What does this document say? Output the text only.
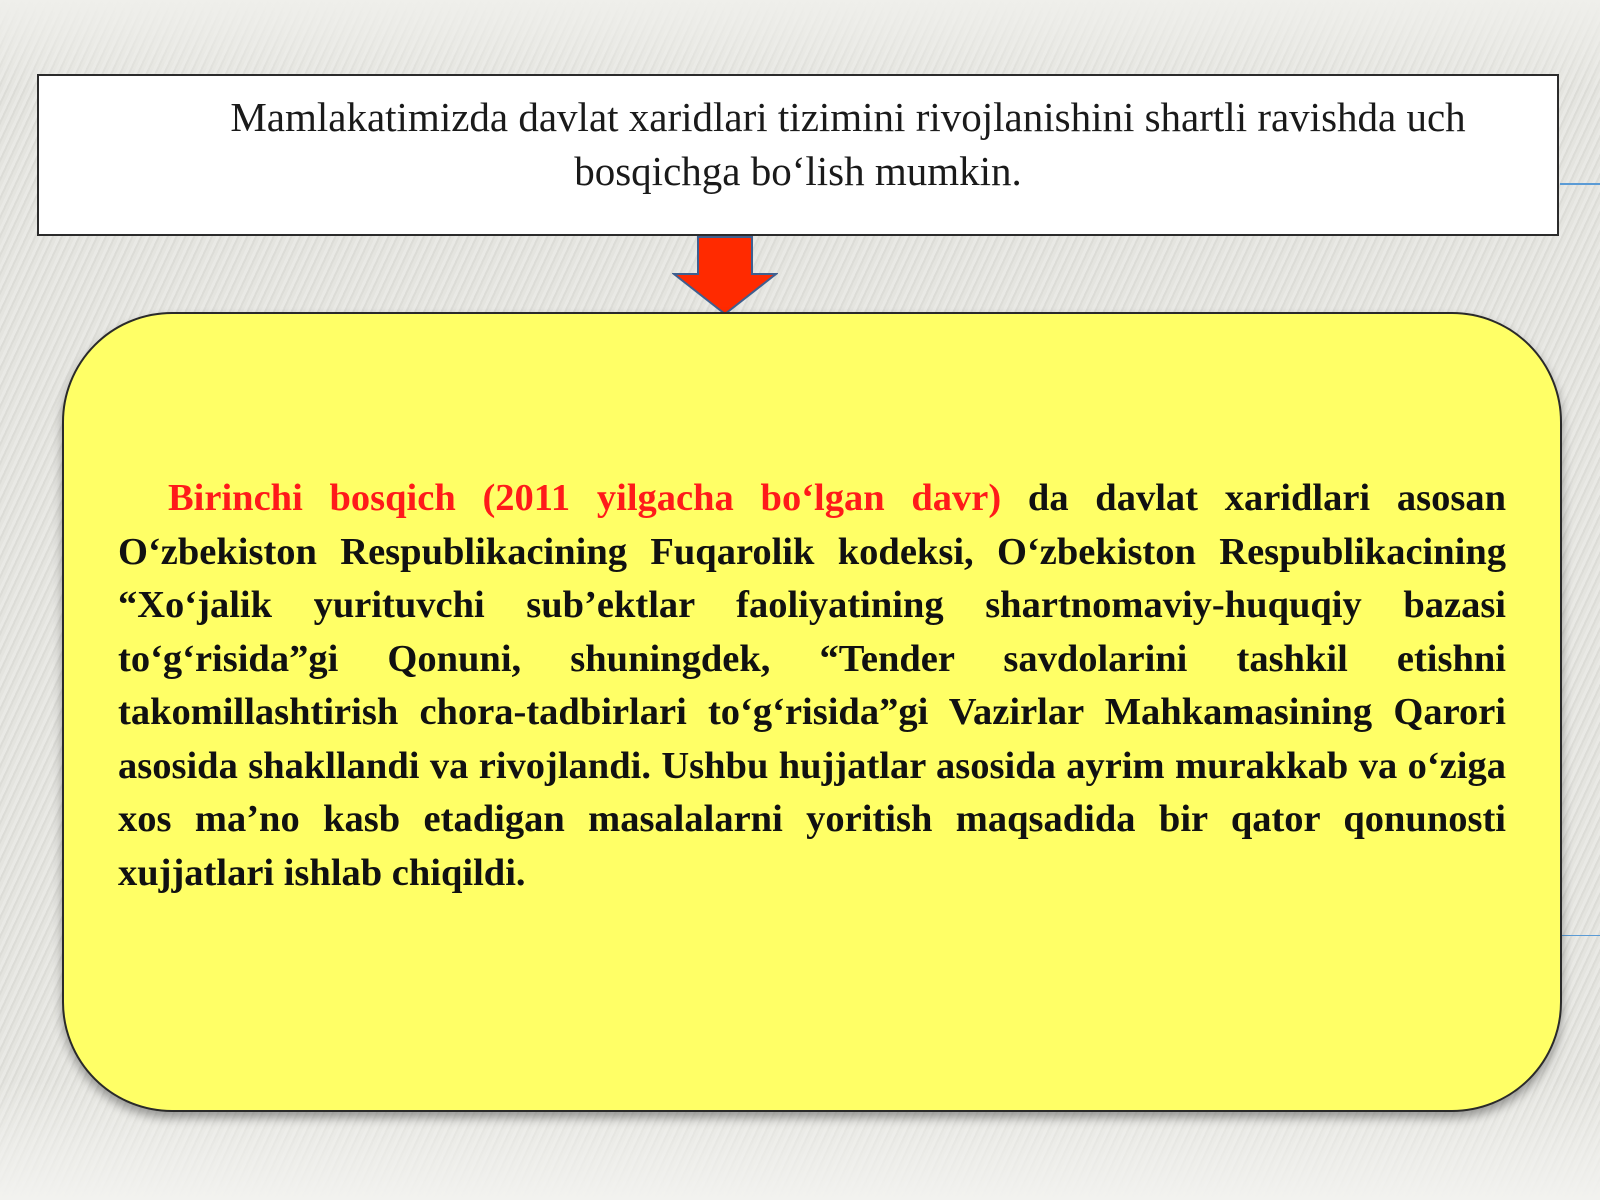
Mamlakatimizda davlat xaridlari tizimini rivojlanishini shartli ravishda uch bosqichga bo‘lish mumkin.

Birinchi bosqich (2011 yilgacha bo‘lgan davr) da davlat xaridlari asosan O‘zbekiston Respublikacining Fuqarolik kodeksi, O‘zbekiston Respublikacining “Xo‘jalik yurituvchi sub’ektlar faoliyatining shartnomaviy-huquqiy bazasi to‘g‘risida”gi Qonuni, shuningdek, “Tender savdolarini tashkil etishni takomillashtirish chora-tadbirlari to‘g‘risida”gi Vazirlar Mahkamasining Qarori asosida shakllandi va rivojlandi. Ushbu hujjatlar asosida ayrim murakkab va o‘ziga xos ma’no kasb etadigan masalalarni yoritish maqsadida bir qator qonunosti xujjatlari ishlab chiqildi.
